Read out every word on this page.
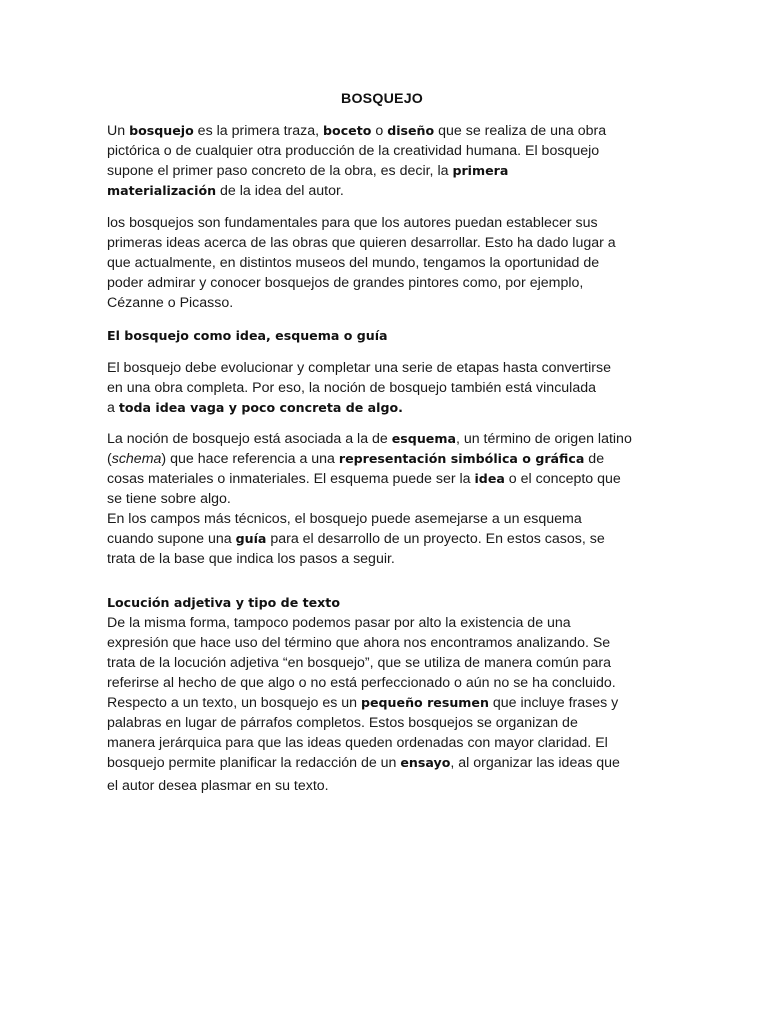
BOSQUEJO
Un bosquejo es la primera traza, boceto o diseño que se realiza de una obra
pictórica o de cualquier otra producción de la creatividad humana. El bosquejo
supone el primer paso concreto de la obra, es decir, la primera
materialización de la idea del autor.
los bosquejos son fundamentales para que los autores puedan establecer sus
primeras ideas acerca de las obras que quieren desarrollar. Esto ha dado lugar a
que actualmente, en distintos museos del mundo, tengamos la oportunidad de
poder admirar y conocer bosquejos de grandes pintores como, por ejemplo,
Cézanne o Picasso.
El bosquejo como idea, esquema o guía
El bosquejo debe evolucionar y completar una serie de etapas hasta convertirse
en una obra completa. Por eso, la noción de bosquejo también está vinculada
a toda idea vaga y poco concreta de algo.
La noción de bosquejo está asociada a la de esquema, un término de origen latino
(schema) que hace referencia a una representación simbólica o gráfica de
cosas materiales o inmateriales. El esquema puede ser la idea o el concepto que
se tiene sobre algo.
En los campos más técnicos, el bosquejo puede asemejarse a un esquema
cuando supone una guía para el desarrollo de un proyecto. En estos casos, se
trata de la base que indica los pasos a seguir.
Locución adjetiva y tipo de texto
De la misma forma, tampoco podemos pasar por alto la existencia de una
expresión que hace uso del término que ahora nos encontramos analizando. Se
trata de la locución adjetiva “en bosquejo”, que se utiliza de manera común para
referirse al hecho de que algo o no está perfeccionado o aún no se ha concluido.
Respecto a un texto, un bosquejo es un pequeño resumen que incluye frases y
palabras en lugar de párrafos completos. Estos bosquejos se organizan de
manera jerárquica para que las ideas queden ordenadas con mayor claridad. El
bosquejo permite planificar la redacción de un ensayo, al organizar las ideas que
el autor desea plasmar en su texto.
